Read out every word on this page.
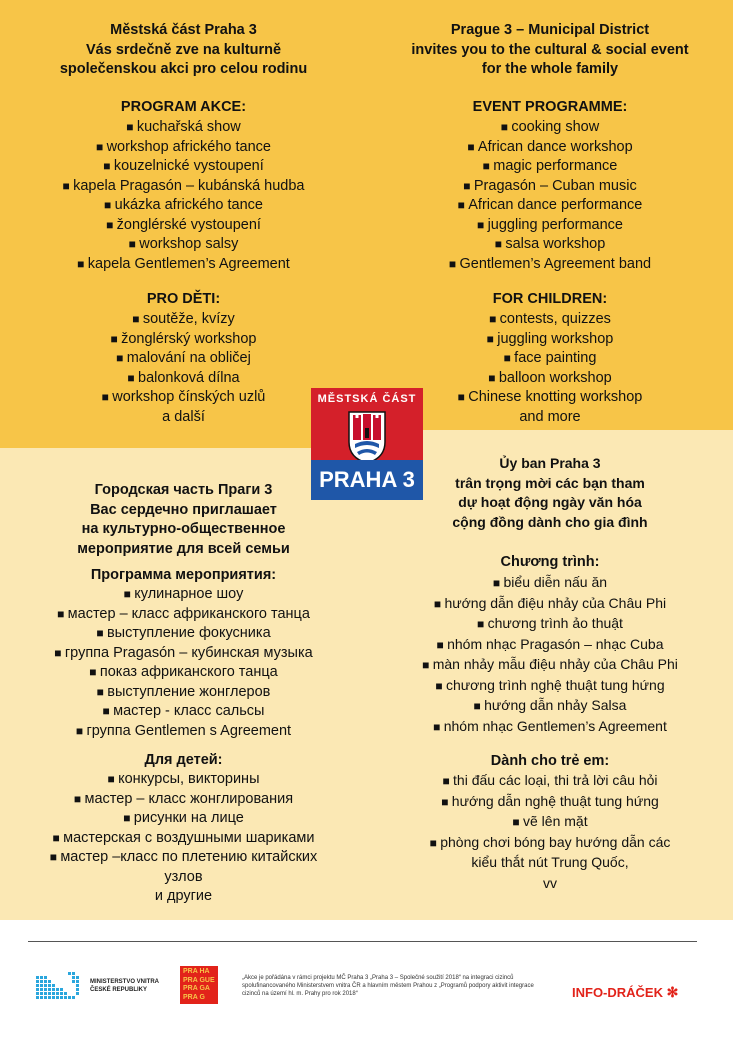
Městská část Praha 3
Vás srdečně zve na kulturně
společenskou akci pro celou rodinu
PROGRAM AKCE:
■ kuchařská show
■ workshop afrického tance
■ kouzelnické vystoupení
■ kapela Pragasón – kubánská hudba
■ ukázka afrického tance
■ žonglérské vystoupení
■ workshop salsy
■ kapela Gentlemen’s Agreement
PRO DĚTI:
■ soutěže, kvízy
■ žonglérský workshop
■ malování na obličej
■ balonková dílna
■ workshop čínských uzlů
a další
Prague 3 – Municipal District
invites you to the cultural & social event
for the whole family
EVENT PROGRAMME:
■ cooking show
■ African dance workshop
■ magic performance
■ Pragasón – Cuban music
■ African dance performance
■ juggling performance
■ salsa workshop
■ Gentlemen’s Agreement band
FOR CHILDREN:
■ contests, quizzes
■ juggling workshop
■ face painting
■ balloon workshop
■ Chinese knotting workshop
and more
Городская часть Праги 3
Вас сердечно приглашает
на культурно-общественное
мероприятие для всей семьи
Программа мероприятия:
■ кулинарное шоу
■ мастер – класс африканского танца
■ выступление фокусника
■ группа Pragasón – кубинская музыка
■ показ африканского танца
■ выступление жонглеров
■ мастер - класс сальсы
■ группа Gentlemen s Agreement
Для детей:
■ конкурсы, викторины
■ мастер – класс жонглирования
■ рисунки на лице
■ мастерская с воздушными шариками
■ мастер –класс по плетению китайских
узлов
и другие
Ủy ban Praha 3
trân trọng mời các bạn tham
dự hoạt động ngày văn hóa
cộng đồng dành cho gia đình
Chương trình:
■ biểu diễn nấu ăn
■ hướng dẫn điệu nhảy của Châu Phi
■ chương trình ảo thuật
■ nhóm nhạc Pragasón – nhạc Cuba
■ màn nhảy mẫu điệu nhảy của Châu Phi
■ chương trình nghệ thuật tung hứng
■ hướng dẫn nhảy Salsa
■ nhóm nhạc Gentlemen’s Agreement
Dành cho trẻ em:
■ thi đấu các loại, thi trả lời câu hỏi
■ hướng dẫn nghệ thuật tung hứng
■ vẽ lên mặt
■ phòng chơi bóng bay hướng dẫn các
kiểu thắt nút Trung Quốc,
vv
MĚSTSKÁ ČÁST
PRAHA 3
MINISTERSTVO VNITRA
ČESKÉ REPUBLIKY
PRA HA
PRA GUE
PRA GA
PRA G
„Akce je pořádána v rámci projektu MČ Praha 3 „Praha 3 – Společné soužití 2018“ na integraci cizinců spolufinancovaného Ministerstvem vnitra ČR a hlavním městem Prahou z „Programů podpory aktivit integrace cizinců na území hl. m. Prahy pro rok 2018“	INFO-DRÁČEK ✻
